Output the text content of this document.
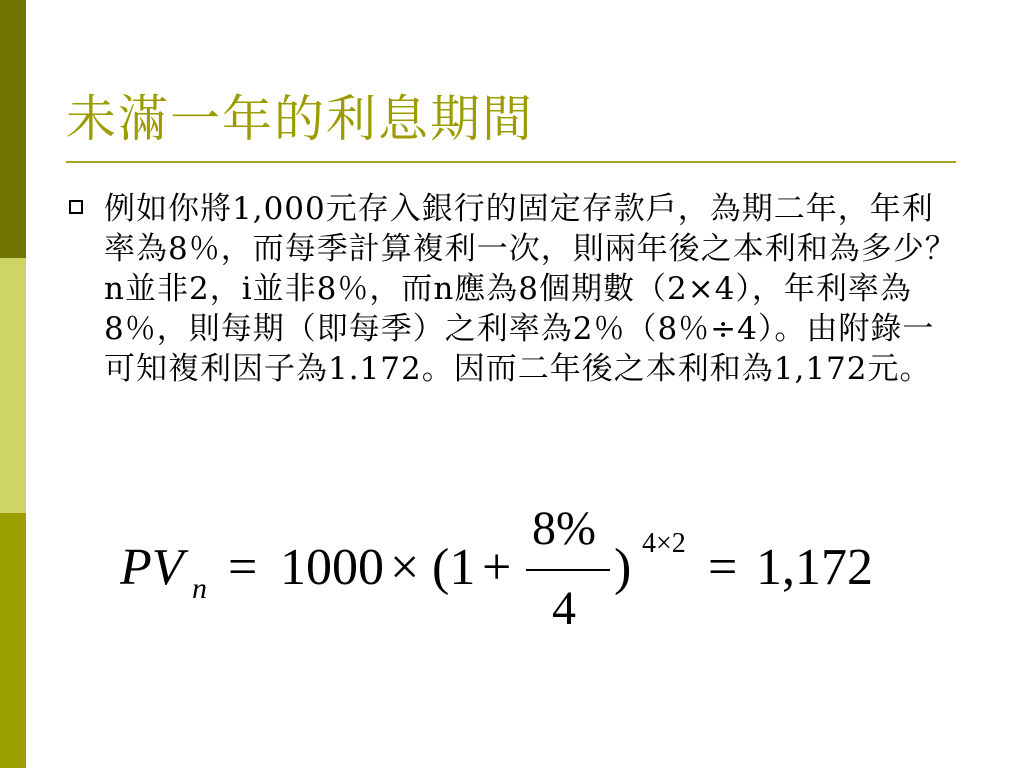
未滿一年的利息期間
例如你將1,000元存入銀行的固定存款戶，為期二年，年利率為8％，而每季計算複利一次，則兩年後之本利和為多少？n並非2，i並非8％，而n應為8個期數（2×4），年利率為8％，則每期（即每季）之利率為2％（8％÷4）。由附錄一可知複利因子為1.172。因而二年後之本利和為1,172元。
PV n = 1000 × (1 +
8%
4
) 4×2 = 1,172
